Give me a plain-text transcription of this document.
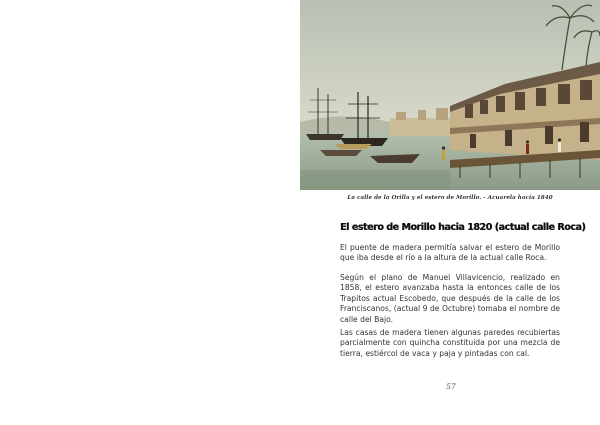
La calle de la Orilla y el estero de Morillo. - Acuarela hacia 1840
El estero de Morillo hacia 1820 (actual calle Roca)

El puente de madera permitía salvar el estero de Morillo que iba desde el río a la altura de la actual calle Roca.

Según el plano de Manuel Villavicencio, realizado en 1858, el estero avanzaba hasta la entonces calle de los Trapitos actual Escobedo, que después de la calle de los Franciscanos, (actual 9 de Octubre) tomaba el nombre de calle del Bajo.

Las casas de madera tienen algunas paredes recubiertas parcialmente con quincha constituida por una mezcla de tierra, estiércol de vaca y paja y pintadas con cal.

57
